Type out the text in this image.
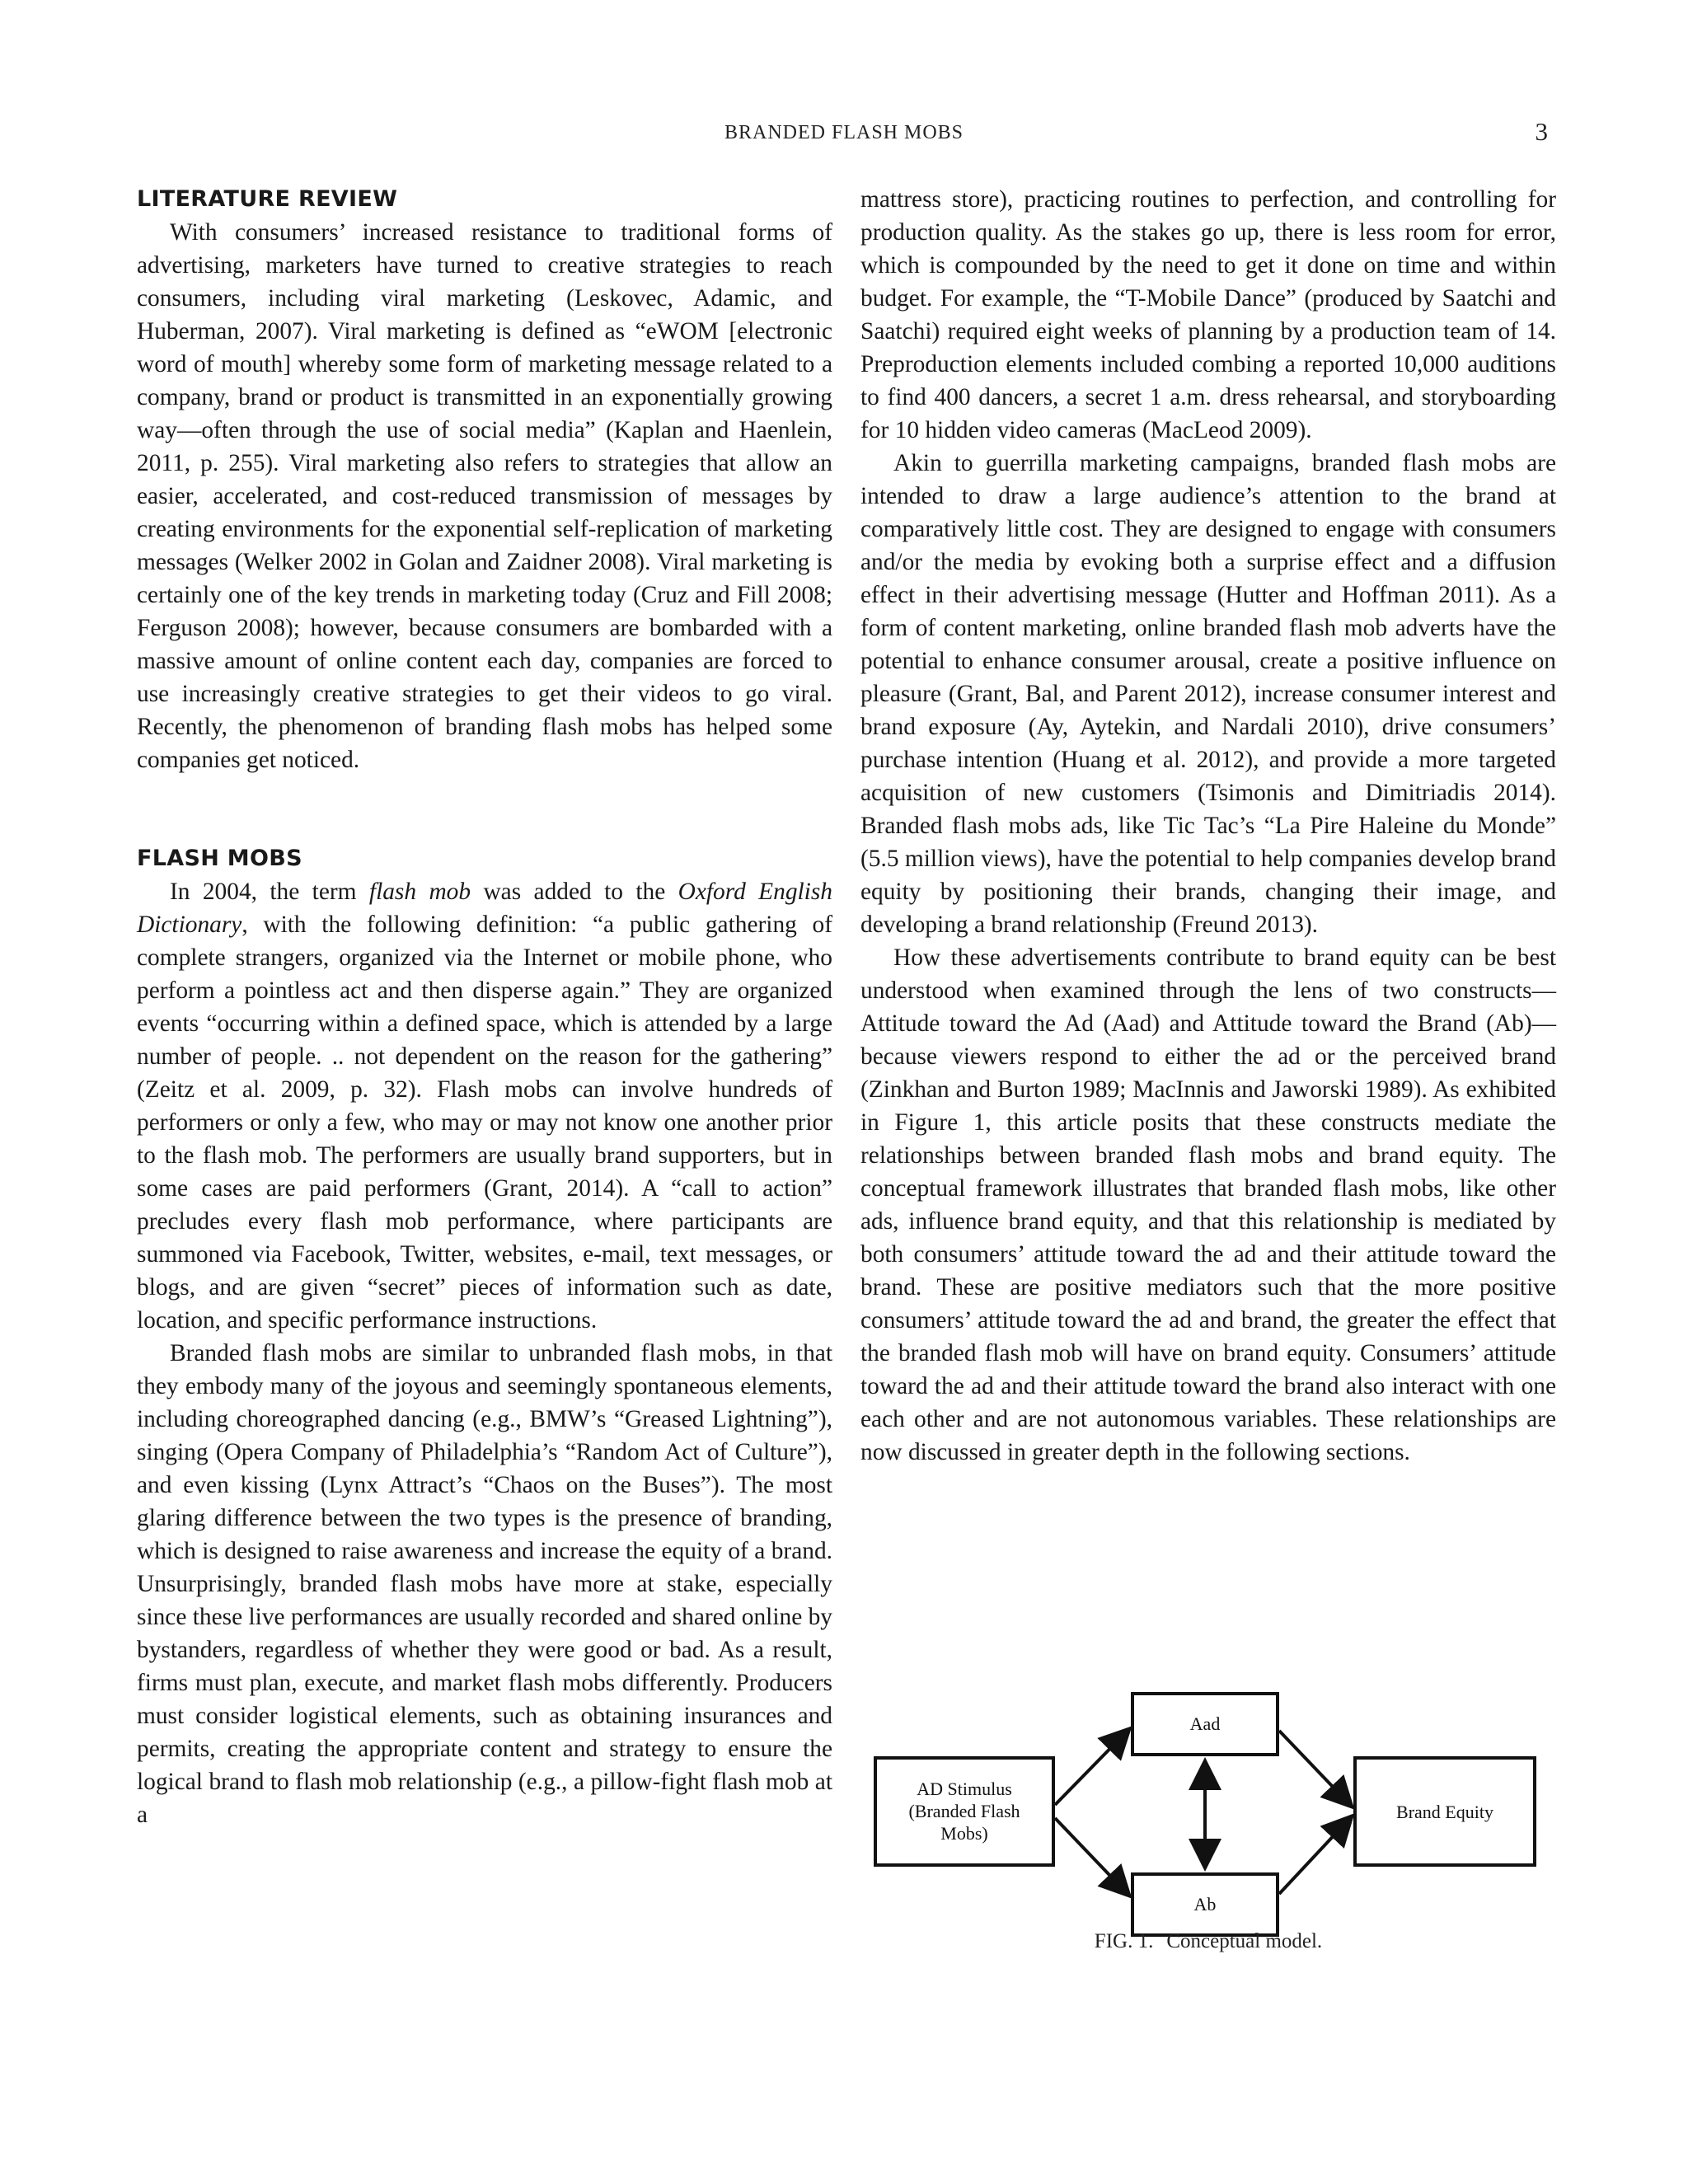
BRANDED FLASH MOBS	3
LITERATURE REVIEW

With consumers’ increased resistance to traditional forms of advertising, marketers have turned to creative strategies to reach consumers, including viral marketing (Leskovec, Adamic, and Huberman, 2007). Viral marketing is defined as “eWOM [electronic word of mouth] whereby some form of marketing message related to a company, brand or product is transmitted in an exponentially growing way—often through the use of social media” (Kaplan and Haenlein, 2011, p. 255). Viral marketing also refers to strategies that allow an easier, accelerated, and cost-reduced transmission of messages by creating environments for the exponential self-replication of marketing messages (Welker 2002 in Golan and Zaidner 2008). Viral marketing is certainly one of the key trends in marketing today (Cruz and Fill 2008; Ferguson 2008); however, because consumers are bombarded with a massive amount of online content each day, companies are forced to use increasingly creative strategies to get their videos to go viral. Recently, the phenomenon of branding flash mobs has helped some companies get noticed.

FLASH MOBS

In 2004, the term flash mob was added to the Oxford English Dictionary, with the following definition: “a public gathering of complete strangers, organized via the Internet or mobile phone, who perform a pointless act and then disperse again.” They are organized events “occurring within a defined space, which is attended by a large number of people. .. not dependent on the reason for the gathering” (Zeitz et al. 2009, p. 32). Flash mobs can involve hundreds of performers or only a few, who may or may not know one another prior to the flash mob. The performers are usually brand supporters, but in some cases are paid performers (Grant, 2014). A “call to action” precludes every flash mob performance, where participants are summoned via Facebook, Twitter, websites, e-mail, text messages, or blogs, and are given “secret” pieces of information such as date, location, and specific performance instructions.

Branded flash mobs are similar to unbranded flash mobs, in that they embody many of the joyous and seemingly spontaneous elements, including choreographed dancing (e.g., BMW’s “Greased Lightning”), singing (Opera Company of Philadelphia’s “Random Act of Culture”), and even kissing (Lynx Attract’s “Chaos on the Buses”). The most glaring difference between the two types is the presence of branding, which is designed to raise awareness and increase the equity of a brand. Unsurprisingly, branded flash mobs have more at stake, especially since these live performances are usually recorded and shared online by bystanders, regardless of whether they were good or bad. As a result, firms must plan, execute, and market flash mobs differently. Producers must consider logistical elements, such as obtaining insurances and permits, creating the appropriate content and strategy to ensure the logical brand to flash mob relationship (e.g., a pillow-fight flash mob at a

mattress store), practicing routines to perfection, and controlling for production quality. As the stakes go up, there is less room for error, which is compounded by the need to get it done on time and within budget. For example, the “T-Mobile Dance” (produced by Saatchi and Saatchi) required eight weeks of planning by a production team of 14. Preproduction elements included combing a reported 10,000 auditions to find 400 dancers, a secret 1 a.m. dress rehearsal, and storyboarding for 10 hidden video cameras (MacLeod 2009).

Akin to guerrilla marketing campaigns, branded flash mobs are intended to draw a large audience’s attention to the brand at comparatively little cost. They are designed to engage with consumers and/or the media by evoking both a surprise effect and a diffusion effect in their advertising message (Hutter and Hoffman 2011). As a form of content marketing, online branded flash mob adverts have the potential to enhance consumer arousal, create a positive influence on pleasure (Grant, Bal, and Parent 2012), increase consumer interest and brand exposure (Ay, Aytekin, and Nardali 2010), drive consumers’ purchase intention (Huang et al. 2012), and provide a more targeted acquisition of new customers (Tsimonis and Dimitriadis 2014). Branded flash mobs ads, like Tic Tac’s “La Pire Haleine du Monde” (5.5 million views), have the potential to help companies develop brand equity by positioning their brands, changing their image, and developing a brand relationship (Freund 2013).

How these advertisements contribute to brand equity can be best understood when examined through the lens of two constructs—Attitude toward the Ad (Aad) and Attitude toward the Brand (Ab)—because viewers respond to either the ad or the perceived brand (Zinkhan and Burton 1989; MacInnis and Jaworski 1989). As exhibited in Figure 1, this article posits that these constructs mediate the relationships between branded flash mobs and brand equity. The conceptual framework illustrates that branded flash mobs, like other ads, influence brand equity, and that this relationship is mediated by both consumers’ attitude toward the ad and their attitude toward the brand. These are positive mediators such that the more positive consumers’ attitude toward the ad and brand, the greater the effect that the branded flash mob will have on brand equity. Consumers’ attitude toward the ad and their attitude toward the brand also interact with one each other and are not autonomous variables. These relationships are now discussed in greater depth in the following sections.

AD Stimulus
(Branded Flash
Mobs)
Aad
Ab
Brand Equity
FIG. 1. Conceptual model.
